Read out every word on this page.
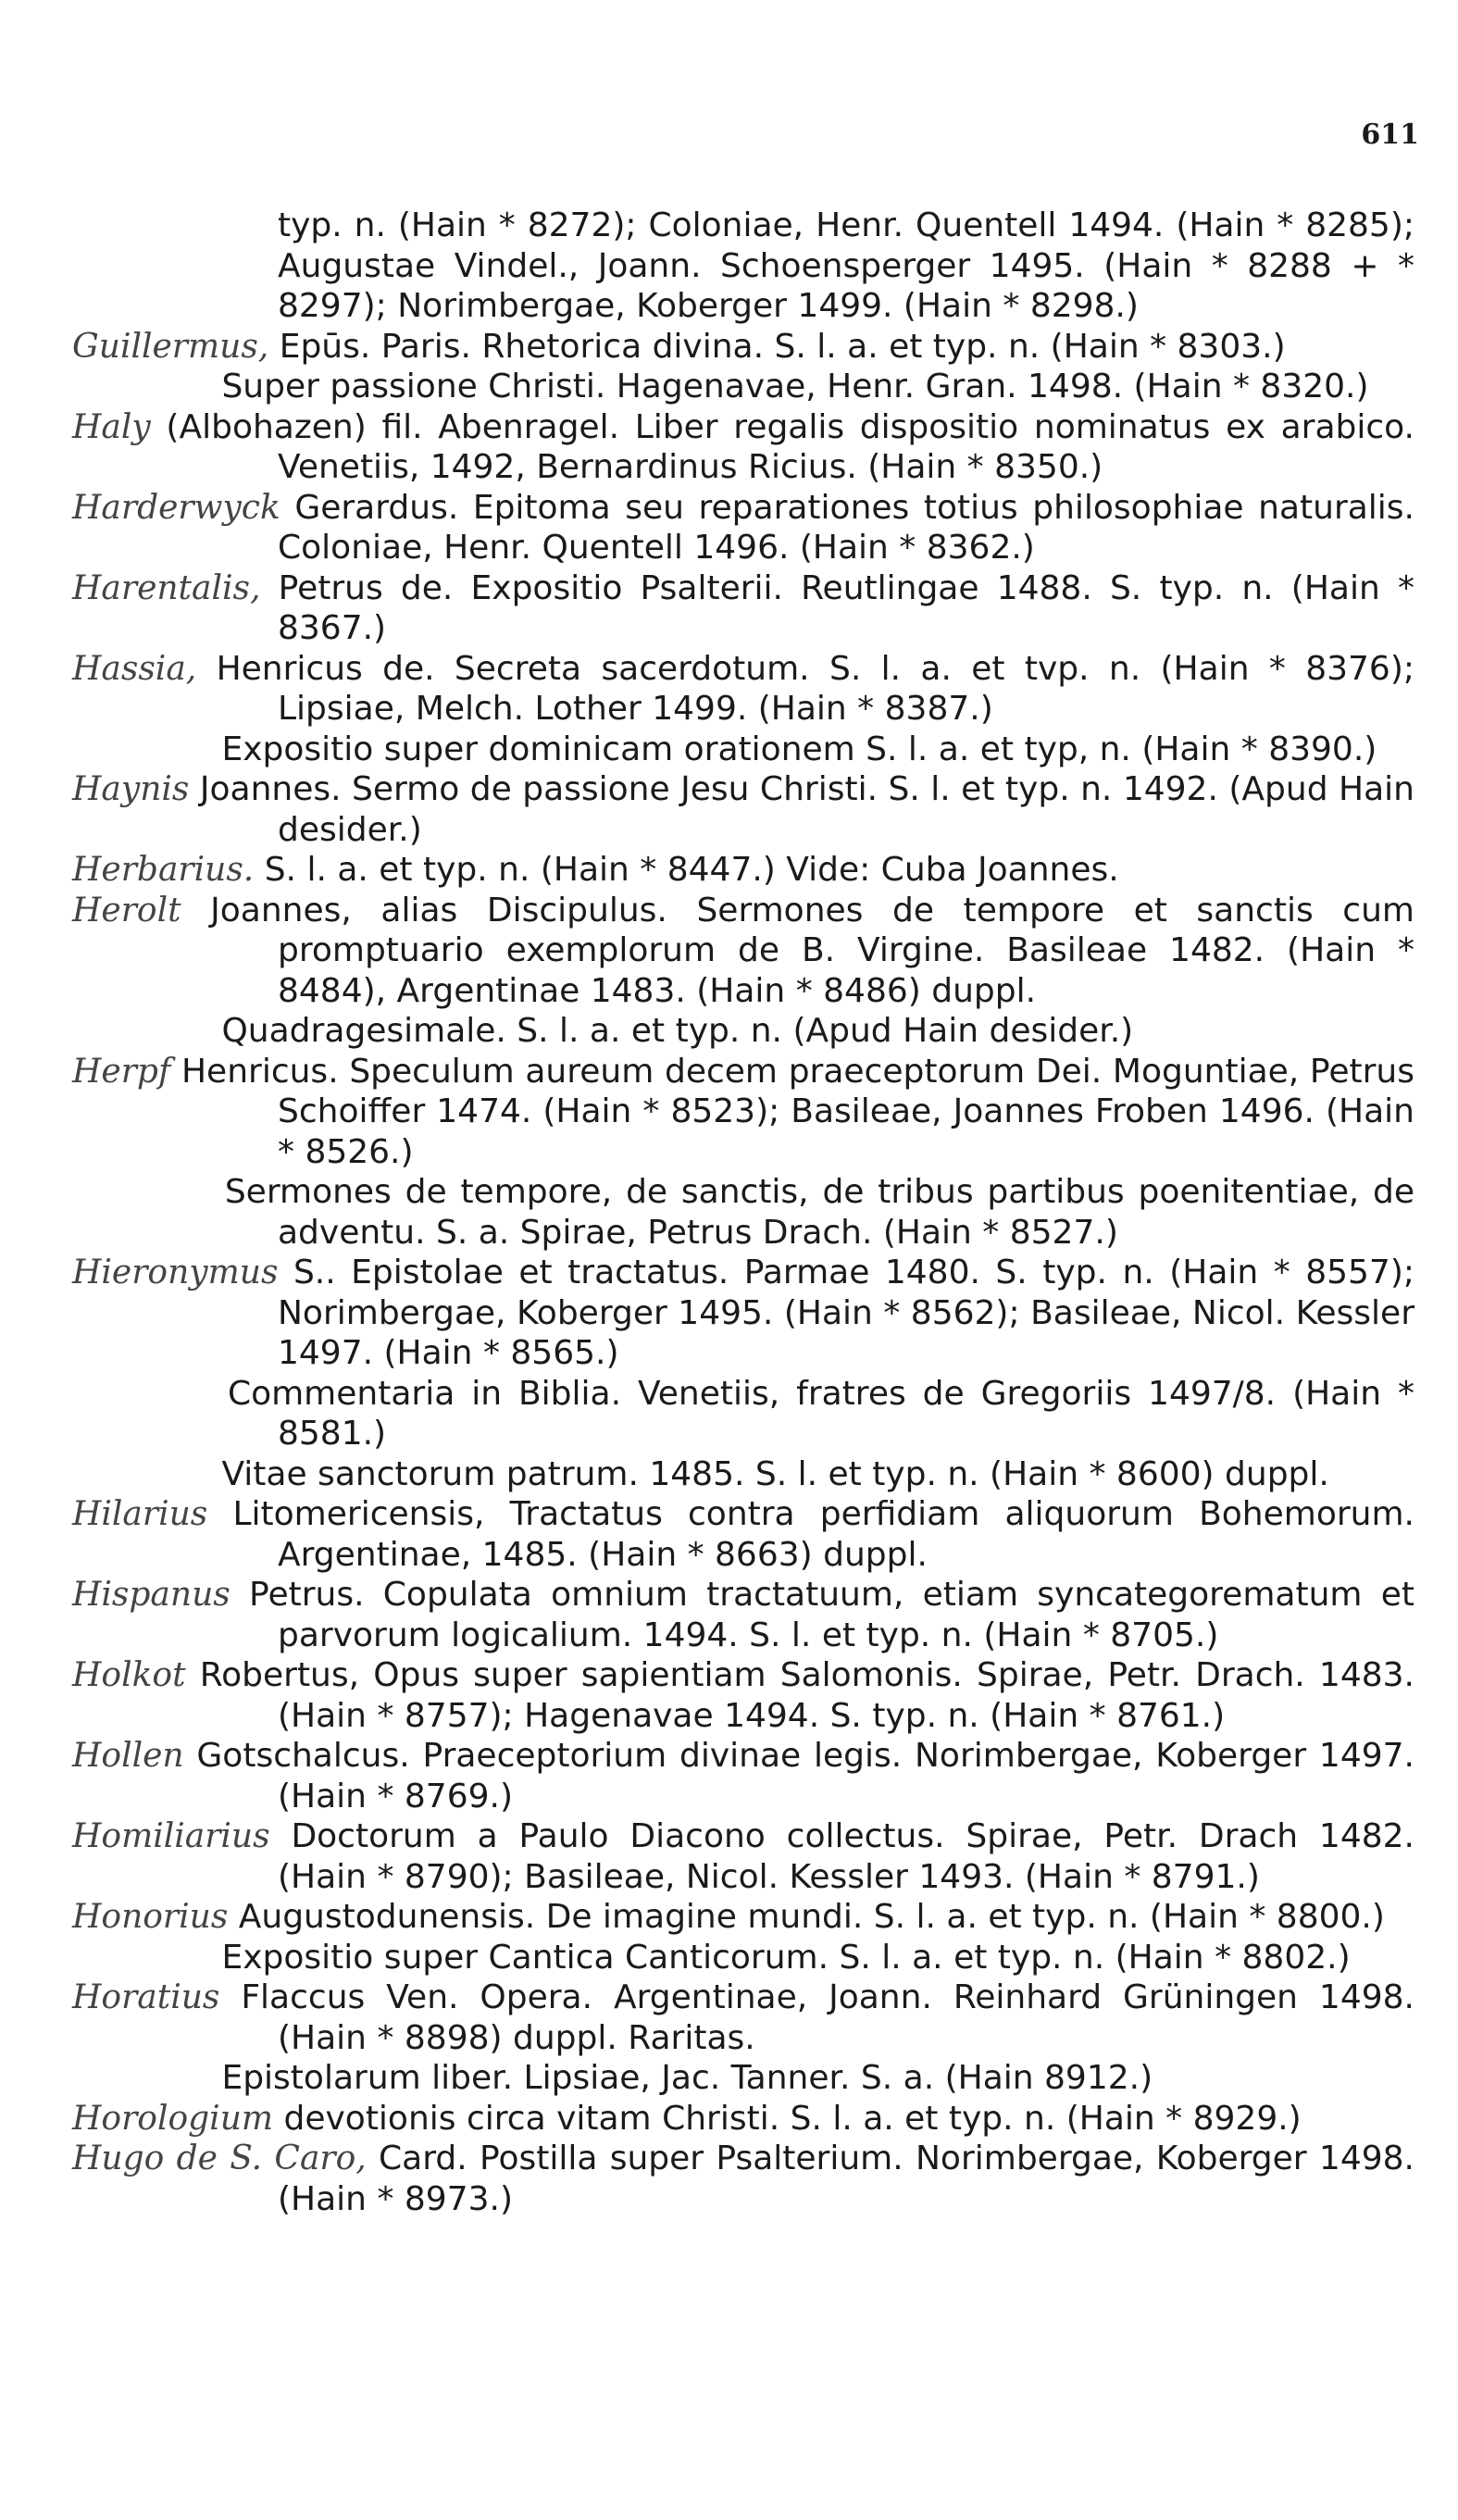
611
typ. n. (Hain * 8272); Coloniae, Henr. Quentell 1494. (Hain * 8285); Augustae Vindel., Joann. Schoensperger 1495. (Hain * 8288 + * 8297); Norimbergae, Koberger 1499. (Hain * 8298.)
Guillermus, Epūs. Paris. Rhetorica divina. S. l. a. et typ. n. (Hain * 8303.)
Super passione Christi. Hagenavae, Henr. Gran. 1498. (Hain * 8320.)
Haly (Albohazen) fil. Abenragel. Liber regalis dispositio nominatus ex arabico. Venetiis, 1492, Bernardinus Ricius. (Hain * 8350.)
Harderwyck Gerardus. Epitoma seu reparationes totius philosophiae naturalis. Coloniae, Henr. Quentell 1496. (Hain * 8362.)
Harentalis, Petrus de. Expositio Psalterii. Reutlingae 1488. S. typ. n. (Hain * 8367.)
Hassia, Henricus de. Secreta sacerdotum. S. l. a. et tvp. n. (Hain * 8376); Lipsiae, Melch. Lother 1499. (Hain * 8387.)
Expositio super dominicam orationem S. l. a. et typ, n. (Hain * 8390.)
Haynis Joannes. Sermo de passione Jesu Christi. S. l. et typ. n. 1492. (Apud Hain desider.)
Herbarius. S. l. a. et typ. n. (Hain * 8447.) Vide: Cuba Joannes.
Herolt Joannes, alias Discipulus. Sermones de tempore et sanctis cum promptuario exemplorum de B. Virgine. Basileae 1482. (Hain * 8484), Argentinae 1483. (Hain * 8486) duppl.
Quadragesimale. S. l. a. et typ. n. (Apud Hain desider.)
Herpf Henricus. Speculum aureum decem praeceptorum Dei. Moguntiae, Petrus Schoiffer 1474. (Hain * 8523); Basileae, Joannes Froben 1496. (Hain * 8526.)
Sermones de tempore, de sanctis, de tribus partibus poenitentiae, de adventu. S. a. Spirae, Petrus Drach. (Hain * 8527.)
Hieronymus S.. Epistolae et tractatus. Parmae 1480. S. typ. n. (Hain * 8557); Norimbergae, Koberger 1495. (Hain * 8562); Basileae, Nicol. Kessler 1497. (Hain * 8565.)
Commentaria in Biblia. Venetiis, fratres de Gregoriis 1497/8. (Hain * 8581.)
Vitae sanctorum patrum. 1485. S. l. et typ. n. (Hain * 8600) duppl.
Hilarius Litomericensis, Tractatus contra perfidiam aliquorum Bohemorum. Argentinae, 1485. (Hain * 8663) duppl.
Hispanus Petrus. Copulata omnium tractatuum, etiam syncategorematum et parvorum logicalium. 1494. S. l. et typ. n. (Hain * 8705.)
Holkot Robertus, Opus super sapientiam Salomonis. Spirae, Petr. Drach. 1483. (Hain * 8757); Hagenavae 1494. S. typ. n. (Hain * 8761.)
Hollen Gotschalcus. Praeceptorium divinae legis. Norimbergae, Koberger 1497. (Hain * 8769.)
Homiliarius Doctorum a Paulo Diacono collectus. Spirae, Petr. Drach 1482. (Hain * 8790); Basileae, Nicol. Kessler 1493. (Hain * 8791.)
Honorius Augustodunensis. De imagine mundi. S. l. a. et typ. n. (Hain * 8800.)
Expositio super Cantica Canticorum. S. l. a. et typ. n. (Hain * 8802.)
Horatius Flaccus Ven. Opera. Argentinae, Joann. Reinhard Grüningen 1498. (Hain * 8898) duppl. Raritas.
Epistolarum liber. Lipsiae, Jac. Tanner. S. a. (Hain 8912.)
Horologium devotionis circa vitam Christi. S. l. a. et typ. n. (Hain * 8929.)
Hugo de S. Caro, Card. Postilla super Psalterium. Norimbergae, Koberger 1498. (Hain * 8973.)
